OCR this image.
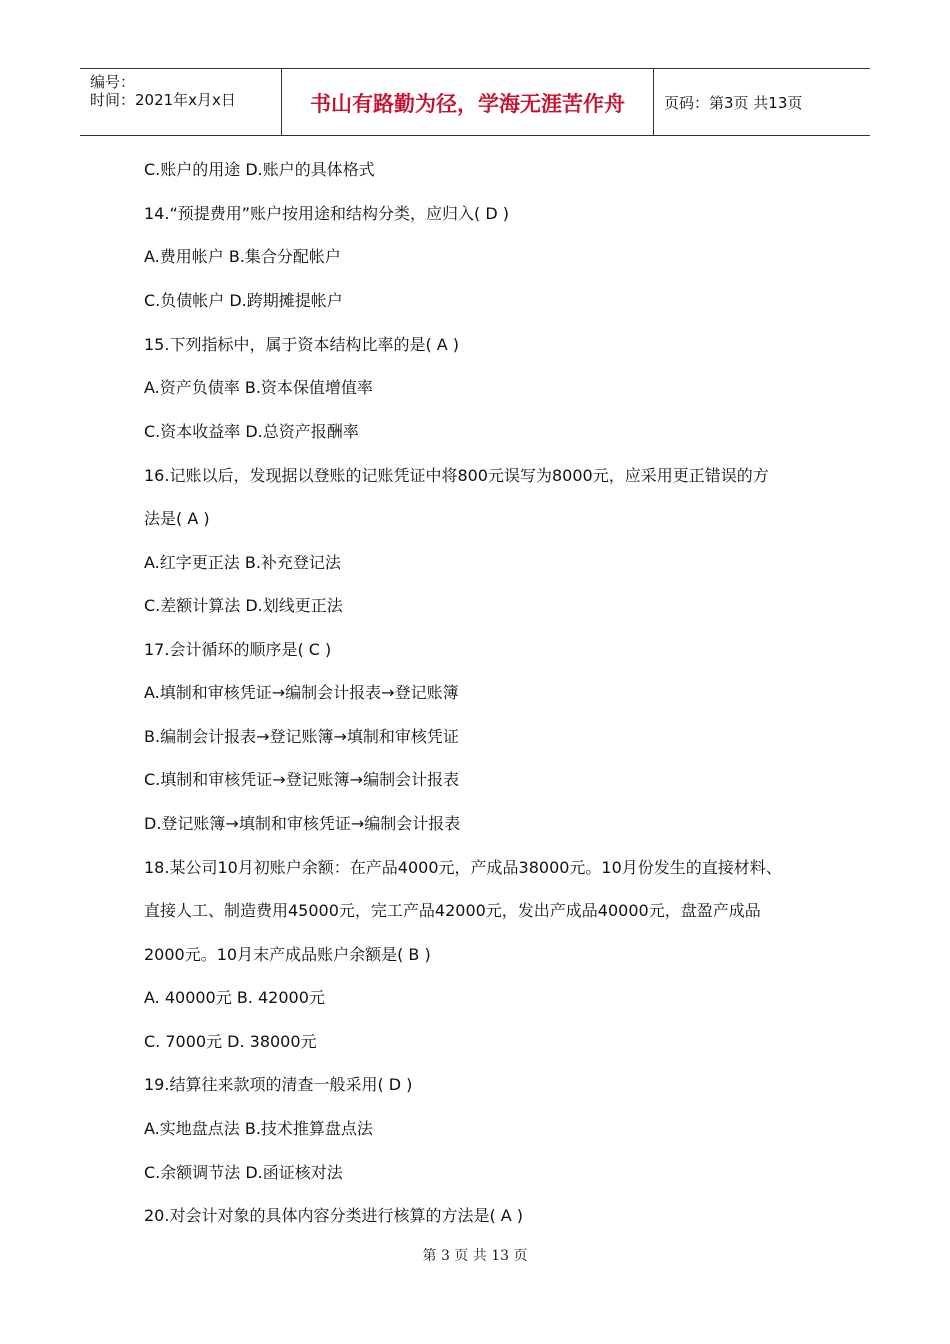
编号：
时间：2021年x月x日	书山有路勤为径，学海无涯苦作舟	页码：第3页 共13页
C.账户的用途 D.账户的具体格式
14.“预提费用”账户按用途和结构分类，应归入( D )
A.费用帐户 B.集合分配帐户
C.负债帐户 D.跨期摊提帐户
15.下列指标中，属于资本结构比率的是( A )
A.资产负债率 B.资本保值增值率
C.资本收益率 D.总资产报酬率
16.记账以后，发现据以登账的记账凭证中将800元误写为8000元，应采用更正错误的方
法是( A )
A.红字更正法 B.补充登记法
C.差额计算法 D.划线更正法
17.会计循环的顺序是( C )
A.填制和审核凭证→编制会计报表→登记账簿
B.编制会计报表→登记账簿→填制和审核凭证
C.填制和审核凭证→登记账簿→编制会计报表
D.登记账簿→填制和审核凭证→编制会计报表
18.某公司10月初账户余额：在产品4000元，产成品38000元。10月份发生的直接材料、
直接人工、制造费用45000元，完工产品42000元，发出产成品40000元，盘盈产成品
2000元。10月末产成品账户余额是( B )
A. 40000元 B. 42000元
C. 7000元 D. 38000元
19.结算往来款项的清查一般采用( D )
A.实地盘点法 B.技术推算盘点法
C.余额调节法 D.函证核对法
20.对会计对象的具体内容分类进行核算的方法是( A )
第 3 页 共 13 页
